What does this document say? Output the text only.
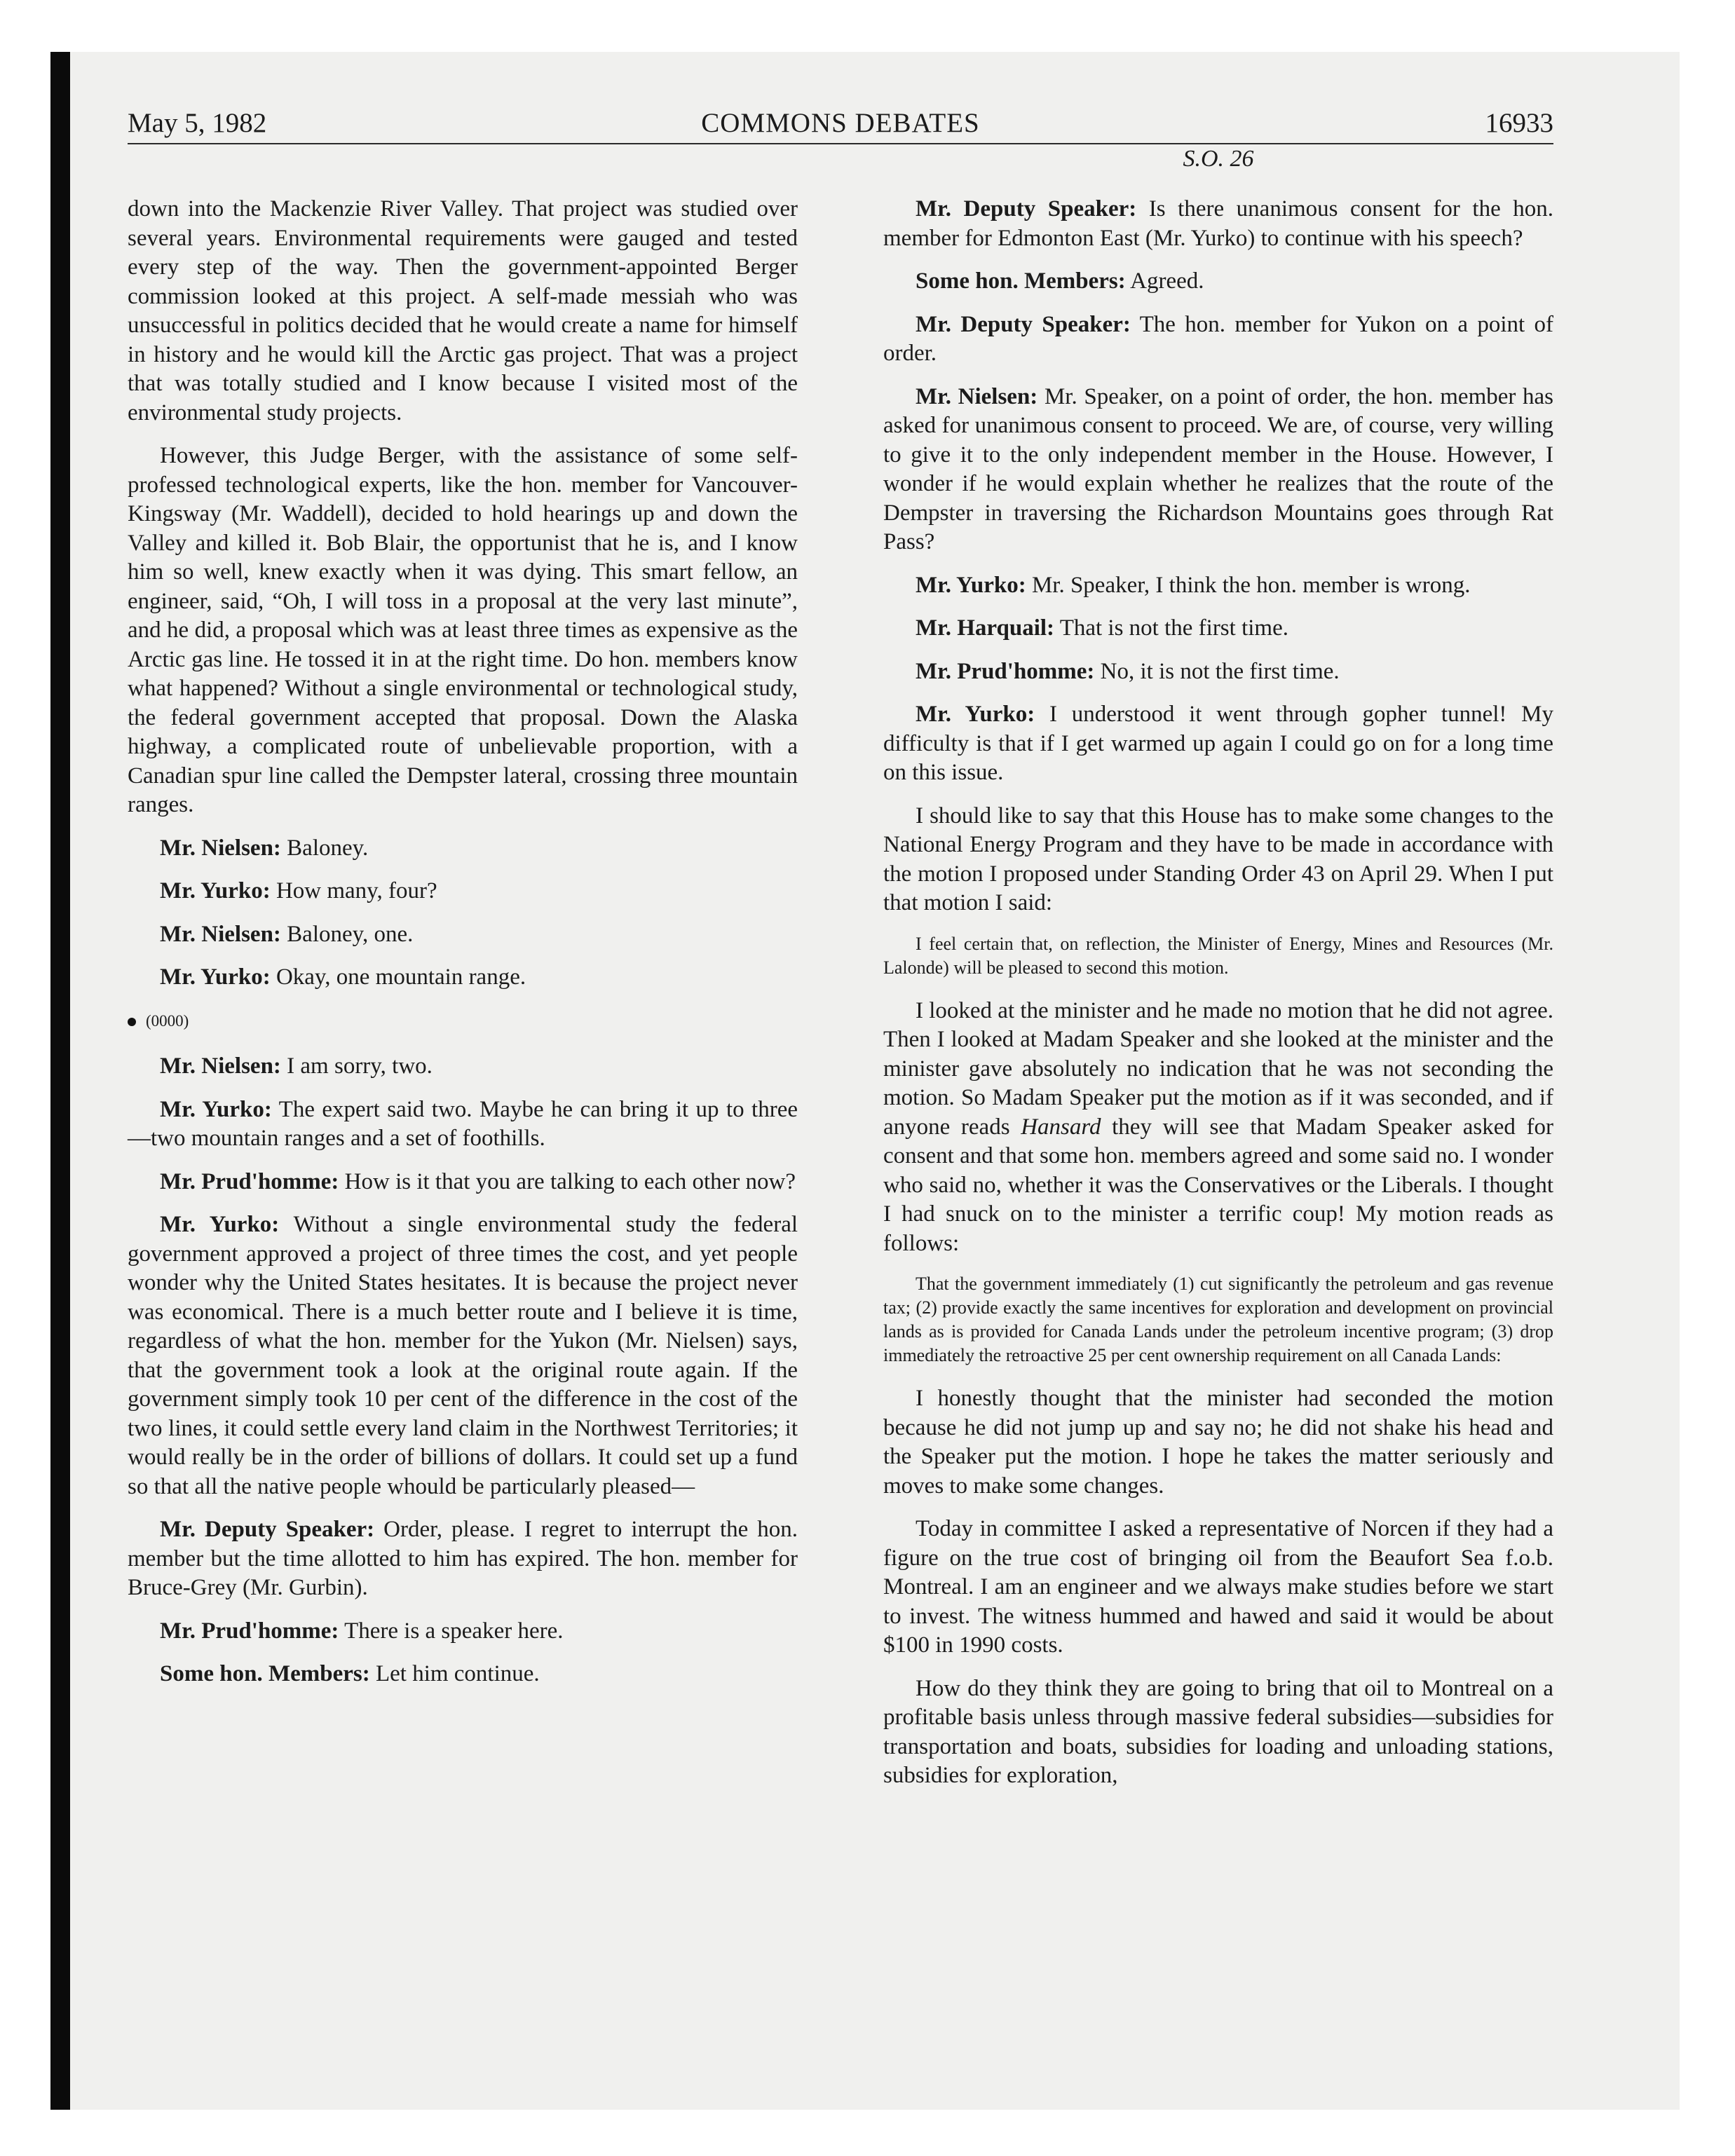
May 5, 1982	COMMONS DEBATES	16933
S.O. 26

down into the Mackenzie River Valley. That project was studied over several years. Environmental requirements were gauged and tested every step of the way. Then the government-appointed Berger commission looked at this project. A self-made messiah who was unsuccessful in politics decided that he would create a name for himself in history and he would kill the Arctic gas project. That was a project that was totally studied and I know because I visited most of the environmental study projects.

However, this Judge Berger, with the assistance of some self-professed technological experts, like the hon. member for Vancouver-Kingsway (Mr. Waddell), decided to hold hearings up and down the Valley and killed it. Bob Blair, the opportunist that he is, and I know him so well, knew exactly when it was dying. This smart fellow, an engineer, said, “Oh, I will toss in a proposal at the very last minute”, and he did, a proposal which was at least three times as expensive as the Arctic gas line. He tossed it in at the right time. Do hon. members know what happened? Without a single environmental or technological study, the federal government accepted that proposal. Down the Alaska highway, a complicated route of unbelievable proportion, with a Canadian spur line called the Dempster lateral, crossing three mountain ranges.

Mr. Nielsen: Baloney.

Mr. Yurko: How many, four?

Mr. Nielsen: Baloney, one.

Mr. Yurko: Okay, one mountain range.

(0000)

Mr. Nielsen: I am sorry, two.

Mr. Yurko: The expert said two. Maybe he can bring it up to three—two mountain ranges and a set of foothills.

Mr. Prud'homme: How is it that you are talking to each other now?

Mr. Yurko: Without a single environmental study the federal government approved a project of three times the cost, and yet people wonder why the United States hesitates. It is because the project never was economical. There is a much better route and I believe it is time, regardless of what the hon. member for the Yukon (Mr. Nielsen) says, that the government took a look at the original route again. If the government simply took 10 per cent of the difference in the cost of the two lines, it could settle every land claim in the Northwest Territories; it would really be in the order of billions of dollars. It could set up a fund so that all the native people whould be particularly pleased—

Mr. Deputy Speaker: Order, please. I regret to interrupt the hon. member but the time allotted to him has expired. The hon. member for Bruce-Grey (Mr. Gurbin).

Mr. Prud'homme: There is a speaker here.

Some hon. Members: Let him continue.

Mr. Deputy Speaker: Is there unanimous consent for the hon. member for Edmonton East (Mr. Yurko) to continue with his speech?

Some hon. Members: Agreed.

Mr. Deputy Speaker: The hon. member for Yukon on a point of order.

Mr. Nielsen: Mr. Speaker, on a point of order, the hon. member has asked for unanimous consent to proceed. We are, of course, very willing to give it to the only independent member in the House. However, I wonder if he would explain whether he realizes that the route of the Dempster in traversing the Richardson Mountains goes through Rat Pass?

Mr. Yurko: Mr. Speaker, I think the hon. member is wrong.

Mr. Harquail: That is not the first time.

Mr. Prud'homme: No, it is not the first time.

Mr. Yurko: I understood it went through gopher tunnel! My difficulty is that if I get warmed up again I could go on for a long time on this issue.

I should like to say that this House has to make some changes to the National Energy Program and they have to be made in accordance with the motion I proposed under Standing Order 43 on April 29. When I put that motion I said:

I feel certain that, on reflection, the Minister of Energy, Mines and Resources (Mr. Lalonde) will be pleased to second this motion.

I looked at the minister and he made no motion that he did not agree. Then I looked at Madam Speaker and she looked at the minister and the minister gave absolutely no indication that he was not seconding the motion. So Madam Speaker put the motion as if it was seconded, and if anyone reads Hansard they will see that Madam Speaker asked for consent and that some hon. members agreed and some said no. I wonder who said no, whether it was the Conservatives or the Liberals. I thought I had snuck on to the minister a terrific coup! My motion reads as follows:

That the government immediately (1) cut significantly the petroleum and gas revenue tax; (2) provide exactly the same incentives for exploration and development on provincial lands as is provided for Canada Lands under the petroleum incentive program; (3) drop immediately the retroactive 25 per cent ownership requirement on all Canada Lands:

I honestly thought that the minister had seconded the motion because he did not jump up and say no; he did not shake his head and the Speaker put the motion. I hope he takes the matter seriously and moves to make some changes.

Today in committee I asked a representative of Norcen if they had a figure on the true cost of bringing oil from the Beaufort Sea f.o.b. Montreal. I am an engineer and we always make studies before we start to invest. The witness hummed and hawed and said it would be about $100 in 1990 costs.

How do they think they are going to bring that oil to Montreal on a profitable basis unless through massive federal subsidies—subsidies for transportation and boats, subsidies for loading and unloading stations, subsidies for exploration,
